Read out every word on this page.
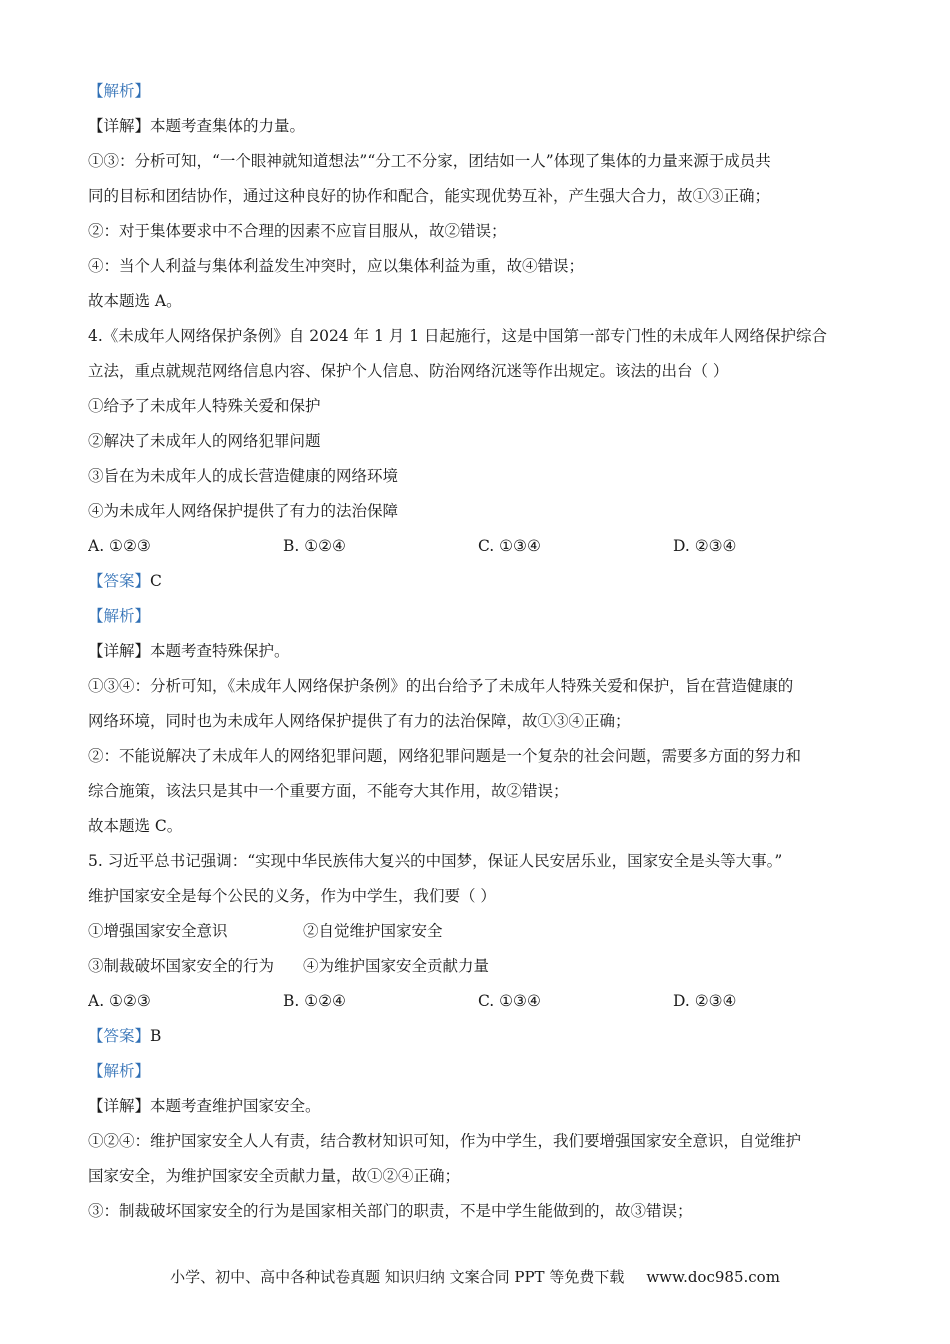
【解析】
【详解】本题考查集体的力量。
①③：分析可知，“一个眼神就知道想法”“分工不分家，团结如一人”体现了集体的力量来源于成员共
同的目标和团结协作，通过这种良好的协作和配合，能实现优势互补，产生强大合力，故①③正确；
②：对于集体要求中不合理的因素不应盲目服从，故②错误；
④：当个人利益与集体利益发生冲突时，应以集体利益为重，故④错误；
故本题选 A。
4.《未成年人网络保护条例》自 2024 年 1 月 1 日起施行，这是中国第一部专门性的未成年人网络保护综合
立法，重点就规范网络信息内容、保护个人信息、防治网络沉迷等作出规定。该法的出台（ ）
①给予了未成年人特殊关爱和保护
②解决了未成年人的网络犯罪问题
③旨在为未成年人的成长营造健康的网络环境
④为未成年人网络保护提供了有力的法治保障
A. ①②③	B. ①②④	C. ①③④	D. ②③④
【答案】C
【解析】
【详解】本题考查特殊保护。
①③④：分析可知，《未成年人网络保护条例》的出台给予了未成年人特殊关爱和保护，旨在营造健康的
网络环境，同时也为未成年人网络保护提供了有力的法治保障，故①③④正确；
②：不能说解决了未成年人的网络犯罪问题，网络犯罪问题是一个复杂的社会问题，需要多方面的努力和
综合施策，该法只是其中一个重要方面，不能夸大其作用，故②错误；
故本题选 C。
5. 习近平总书记强调：“实现中华民族伟大复兴的中国梦，保证人民安居乐业，国家安全是头等大事。”
维护国家安全是每个公民的义务，作为中学生，我们要（ ）
①增强国家安全意识	②自觉维护国家安全
③制裁破坏国家安全的行为	④为维护国家安全贡献力量
A. ①②③	B. ①②④	C. ①③④	D. ②③④
【答案】B
【解析】
【详解】本题考查维护国家安全。
①②④：维护国家安全人人有责，结合教材知识可知，作为中学生，我们要增强国家安全意识，自觉维护
国家安全，为维护国家安全贡献力量，故①②④正确；
③：制裁破坏国家安全的行为是国家相关部门的职责，不是中学生能做到的，故③错误；
小学、初中、高中各种试卷真题 知识归纳 文案合同 PPT 等免费下载 www.doc985.com
